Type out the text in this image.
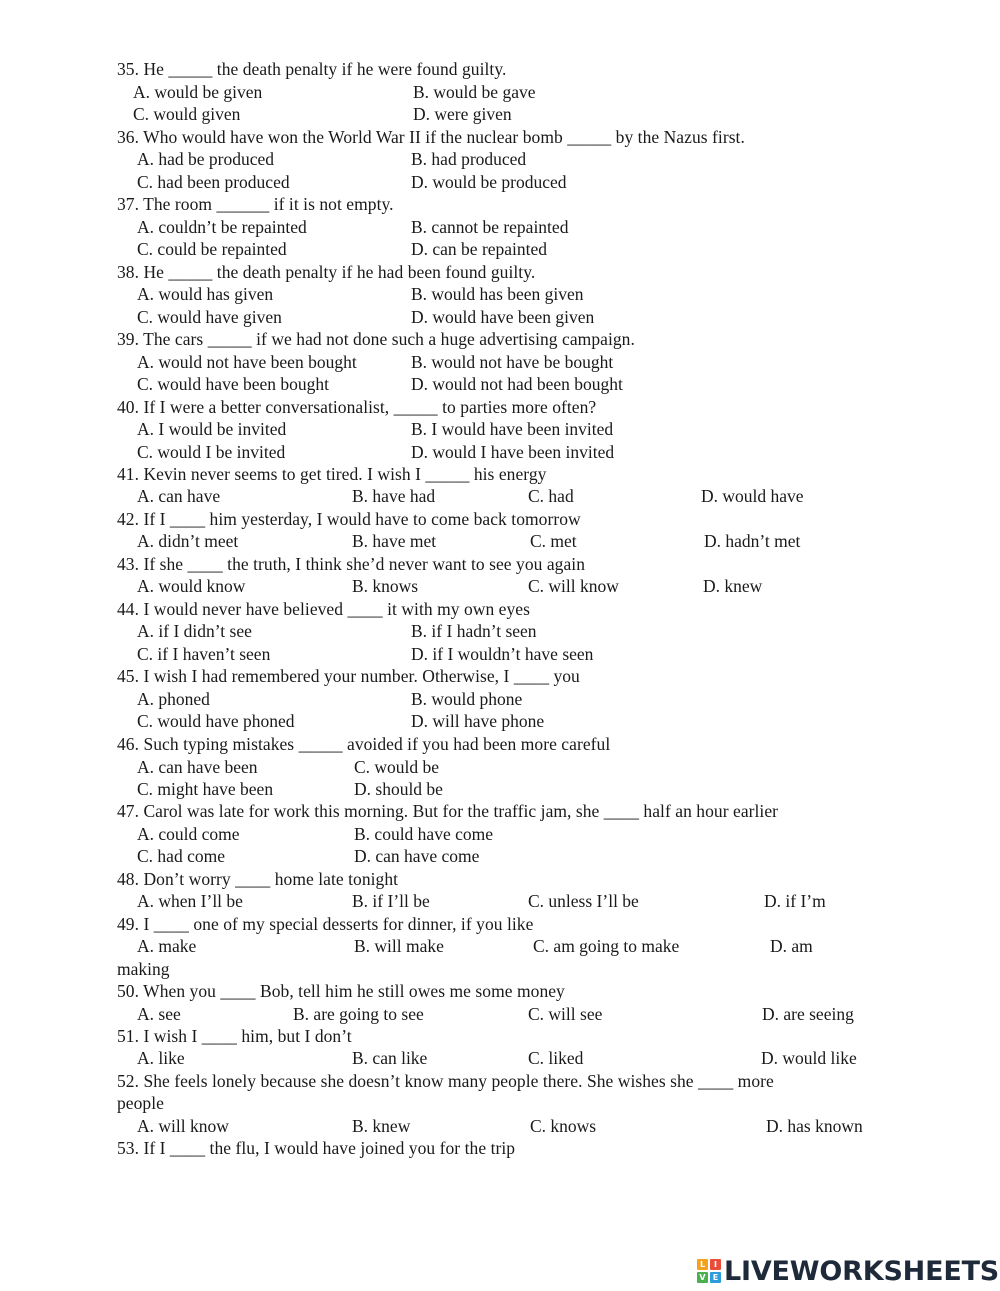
35. He _____ the death penalty if he were found guilty.
A. would be given	B. would be gave
C. would given	D. were given
36. Who would have won the World War II if the nuclear bomb _____ by the Nazus first.
A. had be produced	B. had produced
C. had been produced	D. would be produced
37. The room ______ if it is not empty.
A. couldn’t be repainted	B. cannot be repainted
C. could be repainted	D. can be repainted
38. He _____ the death penalty if he had been found guilty.
A. would has given	B. would has been given
C. would have given	D. would have been given
39. The cars _____ if we had not done such a huge advertising campaign.
A. would not have been bought	B. would not have be bought
C. would have been bought	D. would not had been bought
40. If I were a better conversationalist, _____ to parties more often?
A. I would be invited	B. I would have been invited
C. would I be invited	D. would I have been invited
41. Kevin never seems to get tired. I wish I _____ his energy
A. can have	B. have had	C. had	D. would have
42. If I ____ him yesterday, I would have to come back tomorrow
A. didn’t meet	B. have met	C. met	D. hadn’t met
43. If she ____ the truth, I think she’d never want to see you again
A. would know	B. knows	C. will know	D. knew
44. I would never have believed ____ it with my own eyes
A. if I didn’t see	B. if I hadn’t seen
C. if I haven’t seen	D. if I wouldn’t have seen
45. I wish I had remembered your number. Otherwise, I ____ you
A. phoned	B. would phone
C. would have phoned	D. will have phone
46. Such typing mistakes _____ avoided if you had been more careful
A. can have been	C. would be
C. might have been	D. should be
47. Carol was late for work this morning. But for the traffic jam, she ____ half an hour earlier
A. could come	B. could have come
C. had come	D. can have come
48. Don’t worry ____ home late tonight
A. when I’ll be	B. if I’ll be	C. unless I’ll be	D. if I’m
49. I ____ one of my special desserts for dinner, if you like
A. make	B. will make	C. am going to make	D. am
making
50. When you ____ Bob, tell him he still owes me some money
A. see	B. are going to see	C. will see	D. are seeing
51. I wish I ____ him, but I don’t
A. like	B. can like	C. liked	D. would like
52. She feels lonely because she doesn’t know many people there. She wishes she ____ more
people
A. will know	B. knew	C. knows	D. has known
53. If I ____ the flu, I would have joined you for the trip
L	I
V E LIVEWORKSHEETS
